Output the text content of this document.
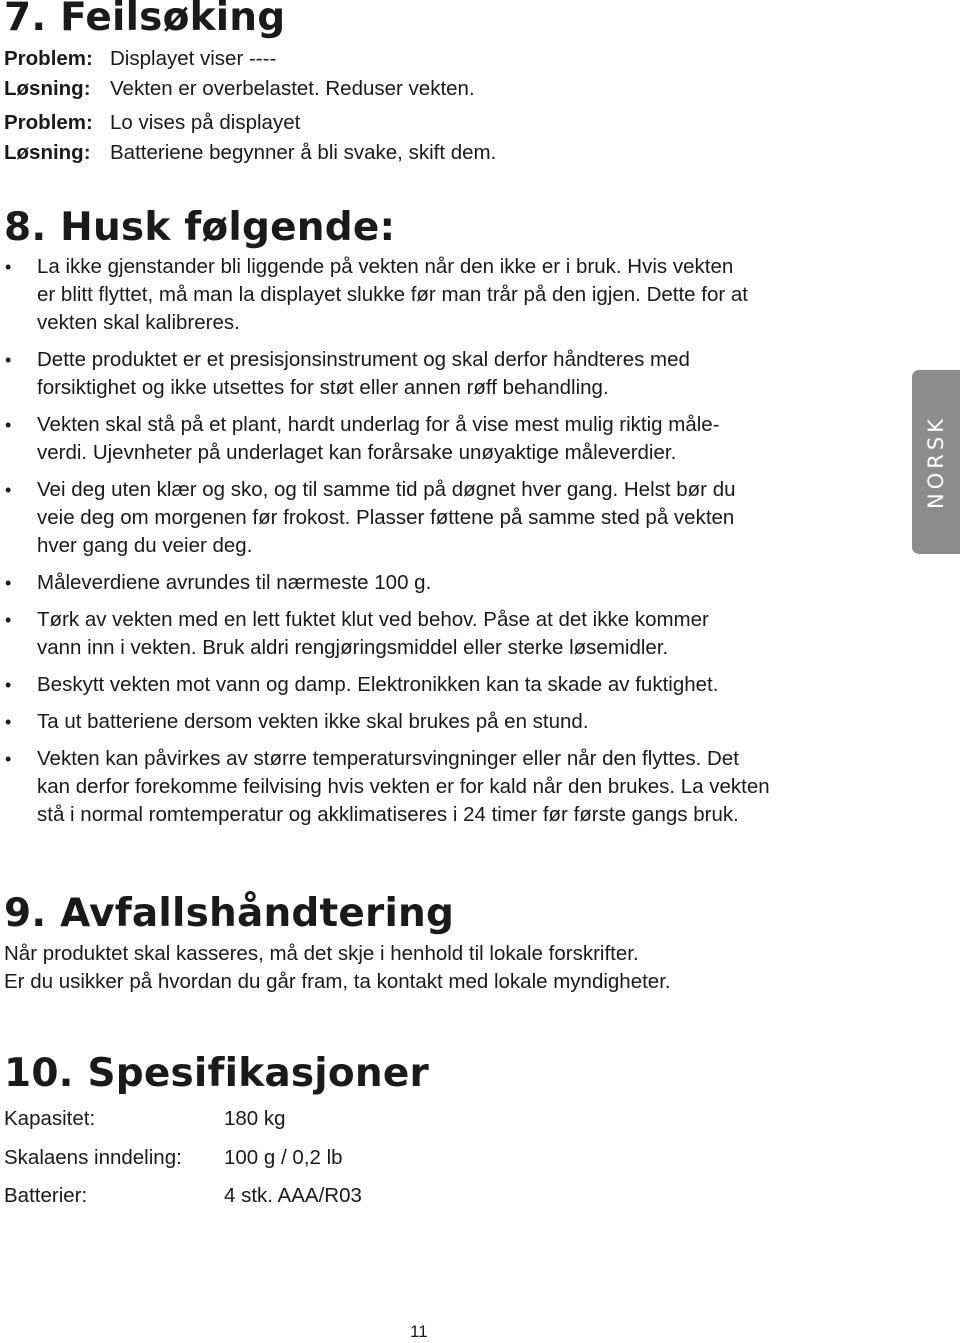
7. Feilsøking
Problem: Displayet viser ----
Løsning: Vekten er overbelastet. Reduser vekten.
Problem: Lo vises på displayet
Løsning: Batteriene begynner å bli svake, skift dem.
8. Husk følgende:
• La ikke gjenstander bli liggende på vekten når den ikke er i bruk. Hvis vekten
er blitt flyttet, må man la displayet slukke før man trår på den igjen. Dette for at
vekten skal kalibreres.
• Dette produktet er et presisjonsinstrument og skal derfor håndteres med
forsiktighet og ikke utsettes for støt eller annen røff behandling.
• Vekten skal stå på et plant, hardt underlag for å vise mest mulig riktig måle-
verdi. Ujevnheter på underlaget kan forårsake unøyaktige måleverdier.
• Vei deg uten klær og sko, og til samme tid på døgnet hver gang. Helst bør du
veie deg om morgenen før frokost. Plasser føttene på samme sted på vekten
hver gang du veier deg.
• Måleverdiene avrundes til nærmeste 100 g.
• Tørk av vekten med en lett fuktet klut ved behov. Påse at det ikke kommer
vann inn i vekten. Bruk aldri rengjøringsmiddel eller sterke løsemidler.
• Beskytt vekten mot vann og damp. Elektronikken kan ta skade av fuktighet.
• Ta ut batteriene dersom vekten ikke skal brukes på en stund.
• Vekten kan påvirkes av større temperatursvingninger eller når den flyttes. Det
kan derfor forekomme feilvising hvis vekten er for kald når den brukes. La vekten
stå i normal romtemperatur og akklimatiseres i 24 timer før første gangs bruk.
9. Avfallshåndtering
Når produktet skal kasseres, må det skje i henhold til lokale forskrifter.
Er du usikker på hvordan du går fram, ta kontakt med lokale myndigheter.
10. Spesifikasjoner
Kapasitet:	180 kg
Skalaens inndeling:	100 g / 0,2 lb
Batterier:	4 stk. AAA/R03
NORSK
11
